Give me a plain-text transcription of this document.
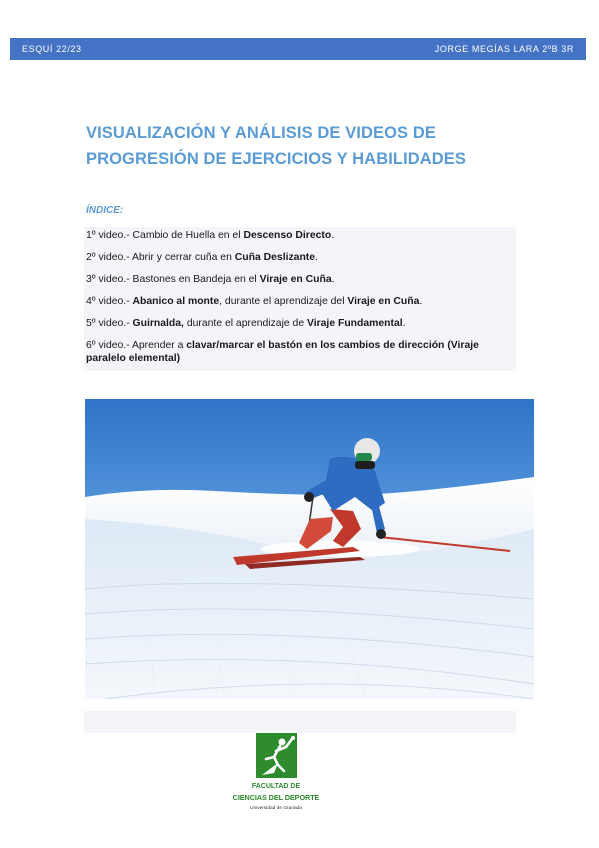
ESQUÍ 22/23	JORGE MEGÍAS LARA 2ºB 3R
VISUALIZACIÓN Y ANÁLISIS DE VIDEOS DE
PROGRESIÓN DE EJERCICIOS Y HABILIDADES
ÍNDICE:
1º video.- Cambio de Huella en el Descenso Directo.
2º video.- Abrir y cerrar cuña en Cuña Deslizante.
3º video.- Bastones en Bandeja en el Viraje en Cuña.
4º video.- Abanico al monte, durante el aprendizaje del Viraje en Cuña.
5º video.- Guirnalda, durante el aprendizaje de Viraje Fundamental.
6º video.- Aprender a clavar/marcar el bastón en los cambios de dirección (Viraje paralelo elemental)
FACULTAD DE
CIENCIAS DEL DEPORTE
Universidad de Granada
